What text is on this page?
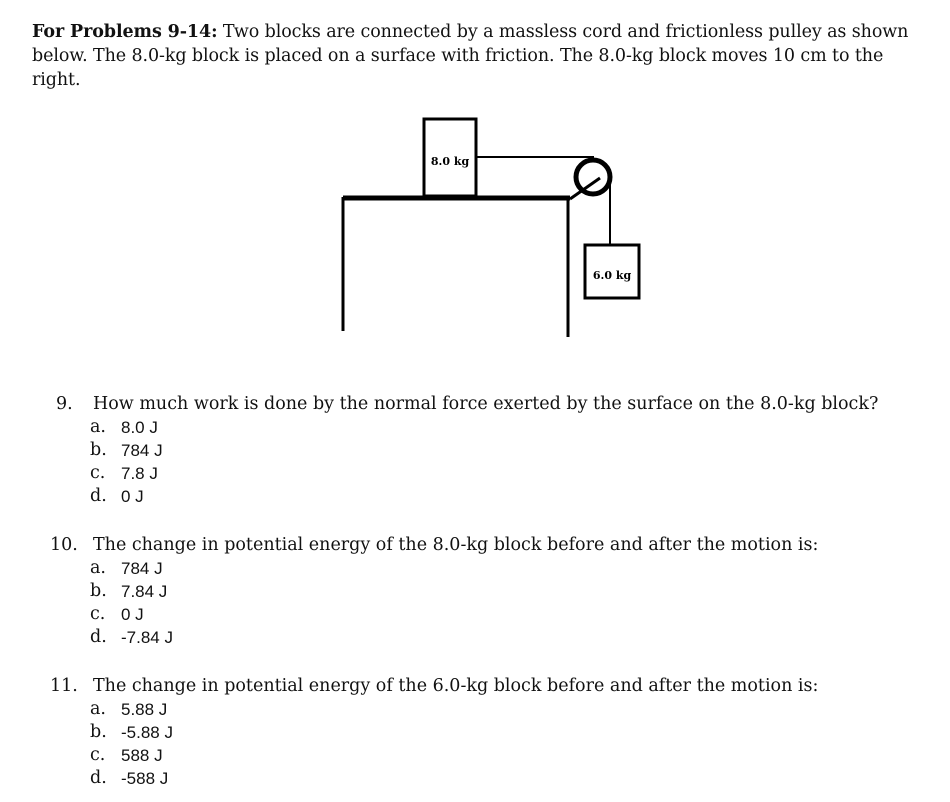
For Problems 9-14: Two blocks are connected by a massless cord and frictionless pulley as shown below. The 8.0-kg block is placed on a surface with friction. The 8.0-kg block moves 10 cm to the right.
8.0 kg
6.0 kg
9.	How much work is done by the normal force exerted by the surface on the 8.0-kg block?
a. 8.0 J
b. 784 J
c. 7.8 J
d. 0 J
10. The change in potential energy of the 8.0-kg block before and after the motion is:
a. 784 J
b. 7.84 J
c. 0 J
d. -7.84 J
11. The change in potential energy of the 6.0-kg block before and after the motion is:
a. 5.88 J
b. -5.88 J
c. 588 J
d. -588 J
